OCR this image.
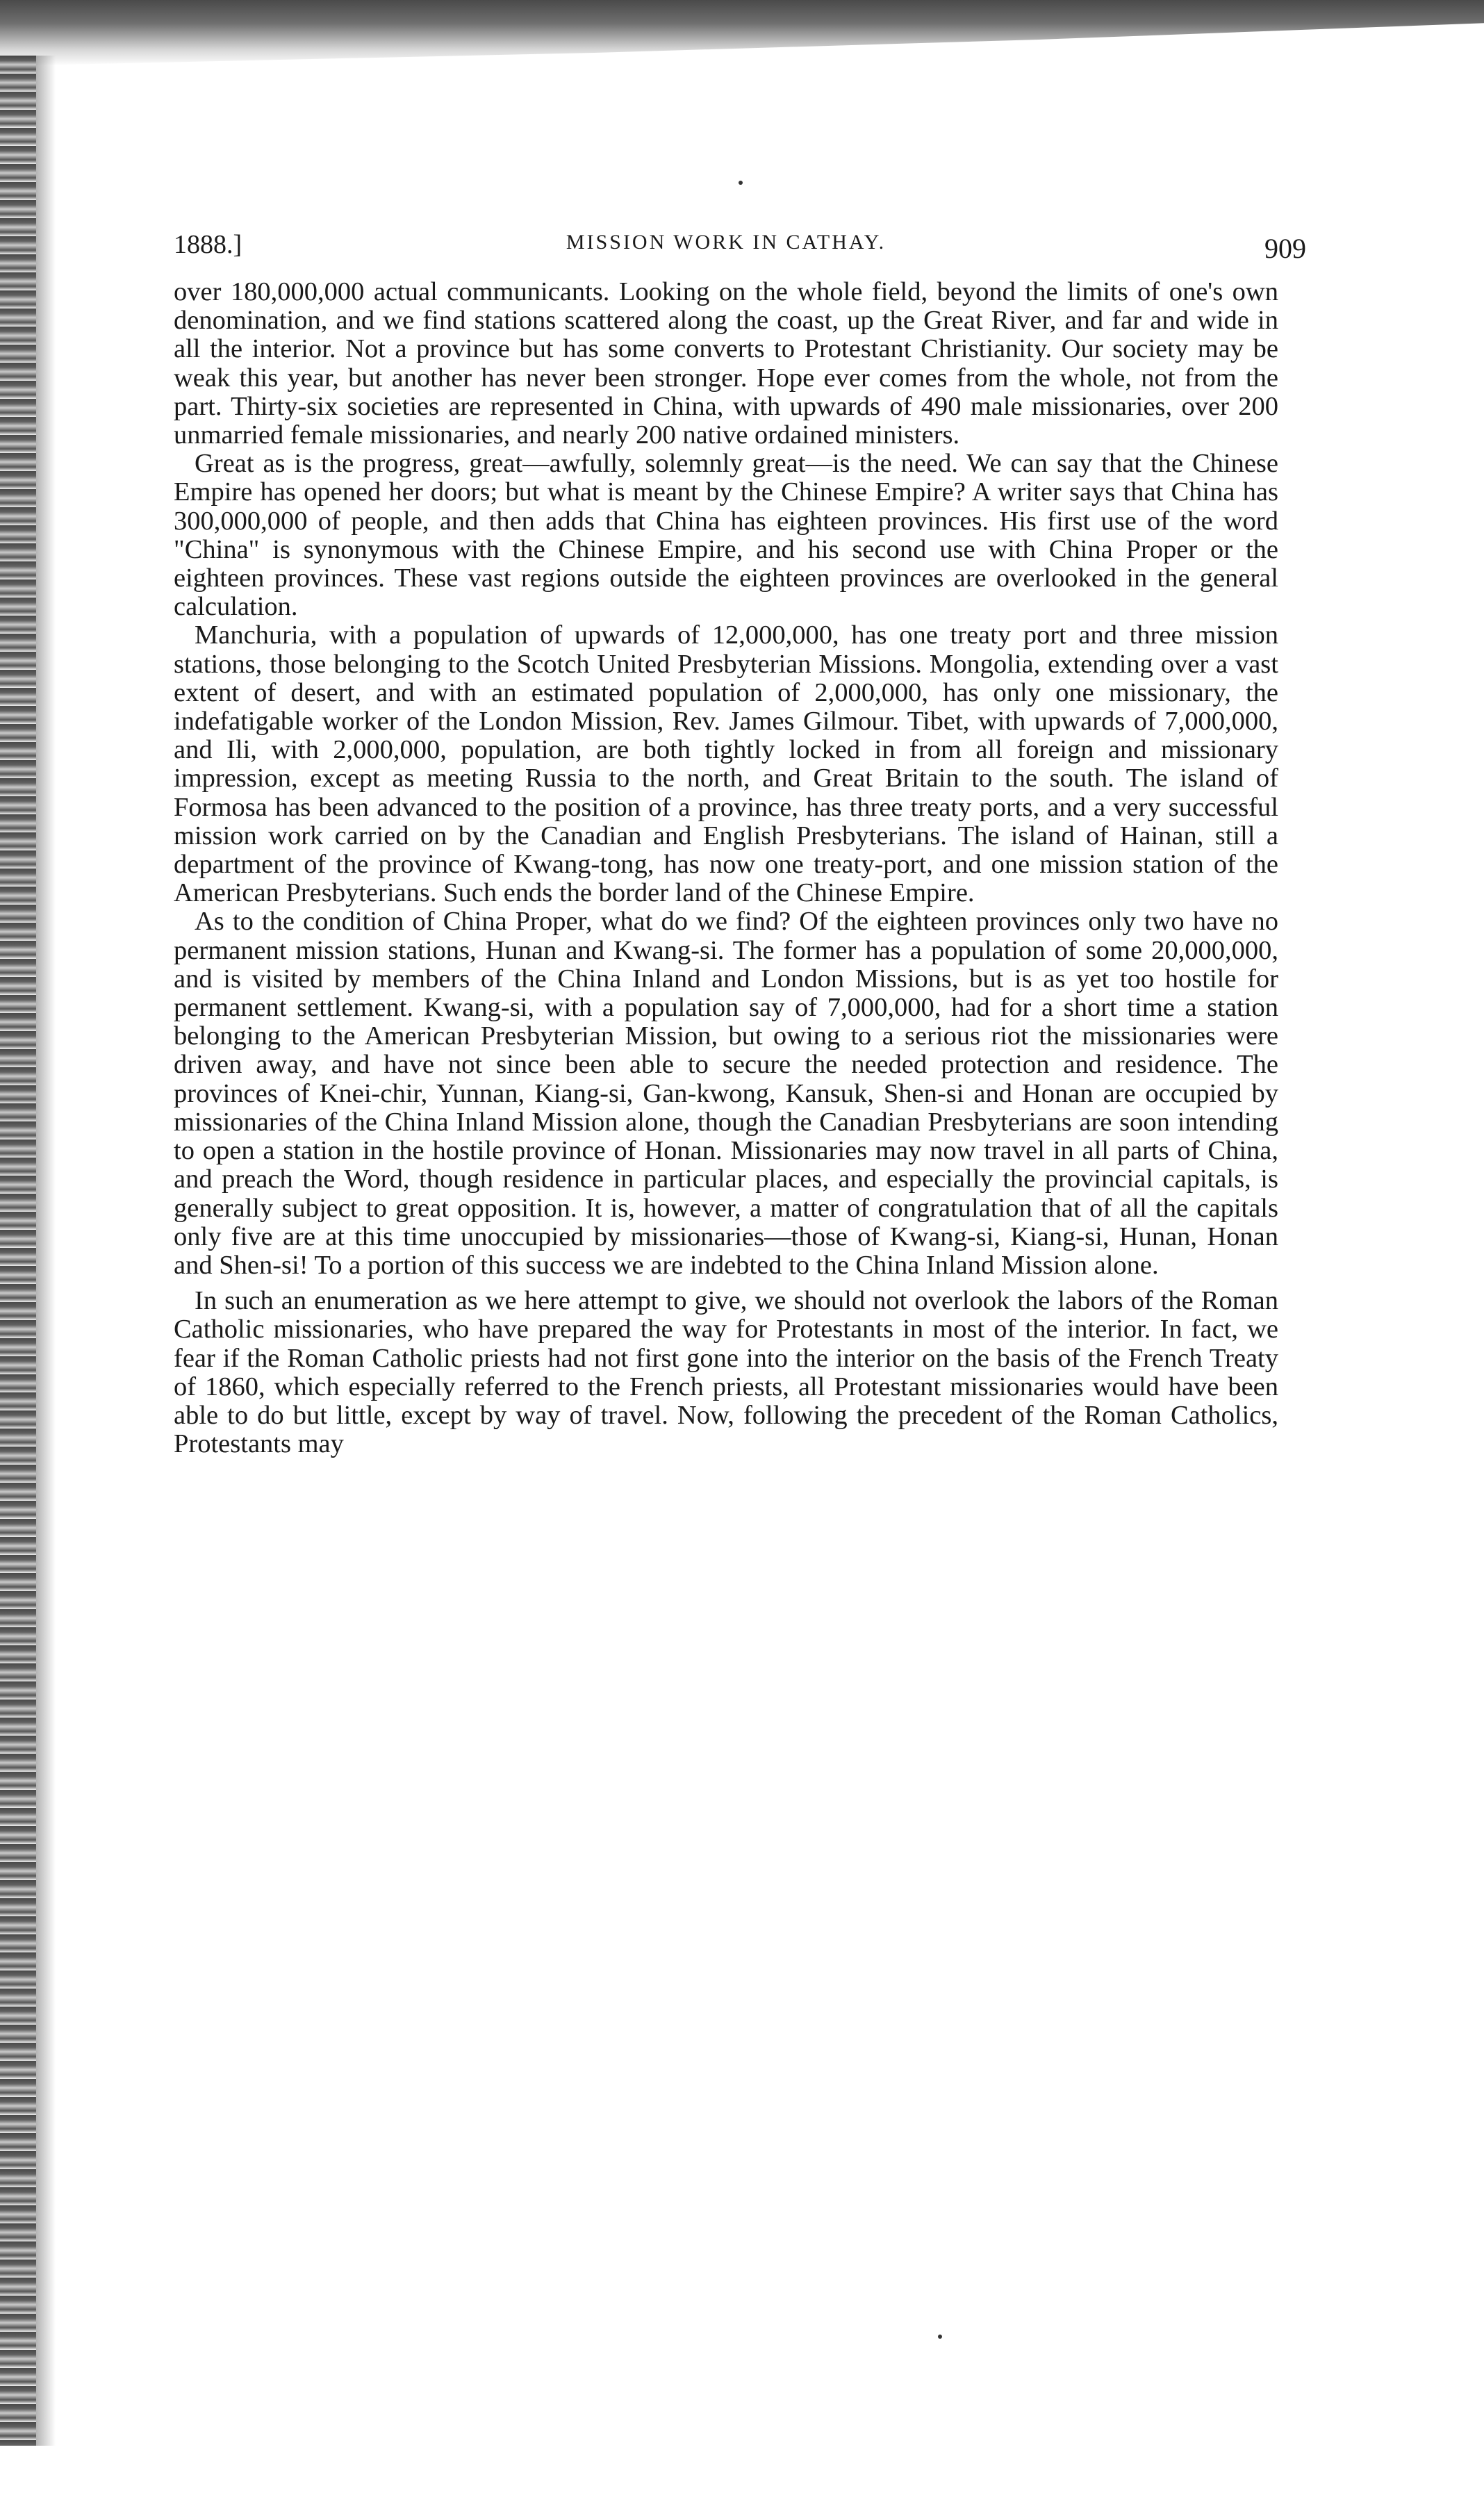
1888.]	MISSION WORK IN CATHAY.	909

over 180,000,000 actual communicants. Looking on the whole field, beyond the limits of one's own denomination, and we find stations scattered along the coast, up the Great River, and far and wide in all the interior. Not a province but has some converts to Protestant Christianity. Our society may be weak this year, but another has never been stronger. Hope ever comes from the whole, not from the part. Thirty-six societies are represented in China, with upwards of 490 male missionaries, over 200 unmarried female missionaries, and nearly 200 native ordained ministers.

Great as is the progress, great—awfully, solemnly great—is the need. We can say that the Chinese Empire has opened her doors; but what is meant by the Chinese Empire? A writer says that China has 300,000,000 of people, and then adds that China has eighteen provinces. His first use of the word "China" is synonymous with the Chinese Empire, and his second use with China Proper or the eighteen provinces. These vast regions outside the eighteen provinces are overlooked in the general calculation.

Manchuria, with a population of upwards of 12,000,000, has one treaty port and three mission stations, those belonging to the Scotch United Presbyterian Missions. Mongolia, extending over a vast extent of desert, and with an estimated population of 2,000,000, has only one missionary, the indefatigable worker of the London Mission, Rev. James Gilmour. Tibet, with upwards of 7,000,000, and Ili, with 2,000,000, population, are both tightly locked in from all foreign and missionary impression, except as meeting Russia to the north, and Great Britain to the south. The island of Formosa has been advanced to the position of a province, has three treaty ports, and a very successful mission work carried on by the Canadian and English Presbyterians. The island of Hainan, still a department of the province of Kwang-tong, has now one treaty-port, and one mission station of the American Presbyterians. Such ends the border land of the Chinese Empire.

As to the condition of China Proper, what do we find? Of the eighteen provinces only two have no permanent mission stations, Hunan and Kwang-si. The former has a population of some 20,000,000, and is visited by members of the China Inland and London Missions, but is as yet too hostile for permanent settlement. Kwang-si, with a population say of 7,000,000, had for a short time a station belonging to the American Presbyterian Mission, but owing to a serious riot the missionaries were driven away, and have not since been able to secure the needed protection and residence. The provinces of Knei-chir, Yunnan, Kiang-si, Gan-kwong, Kansuk, Shen-si and Honan are occupied by missionaries of the China Inland Mission alone, though the Canadian Presbyterians are soon intending to open a station in the hostile province of Honan. Missionaries may now travel in all parts of China, and preach the Word, though residence in particular places, and especially the provincial capitals, is generally subject to great opposition. It is, however, a matter of congratulation that of all the capitals only five are at this time unoccupied by missionaries—those of Kwang-si, Kiang-si, Hunan, Honan and Shen-si! To a portion of this success we are indebted to the China Inland Mission alone.

In such an enumeration as we here attempt to give, we should not overlook the labors of the Roman Catholic missionaries, who have prepared the way for Protestants in most of the interior. In fact, we fear if the Roman Catholic priests had not first gone into the interior on the basis of the French Treaty of 1860, which especially referred to the French priests, all Protestant missionaries would have been able to do but little, except by way of travel. Now, following the precedent of the Roman Catholics, Protestants may
